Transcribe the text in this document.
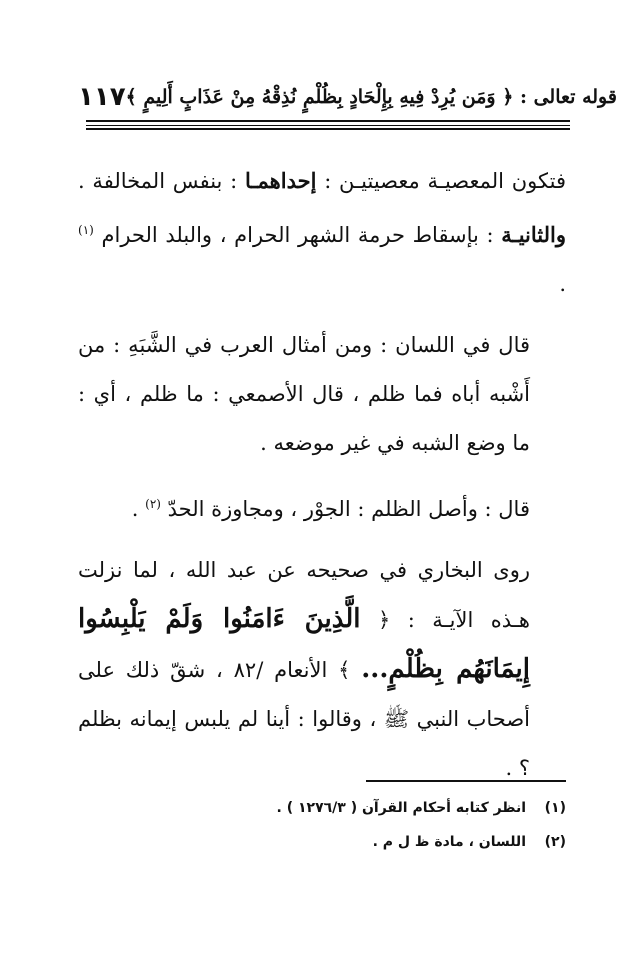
١١٧ قوله تعالى : ﴿ وَمَن يُرِدْ فِيهِ بِإِلْحَادٍ بِظُلْمٍ نُذِقْهُ مِنْ عَذَابٍ أَلِيمٍ ﴾

فتكون المعصيـة معصيتيـن : إحداهمـا : بنفس المخالفة . والثانيـة : بإسقاط حرمة الشهر الحرام ، والبلد الحرام $^{(١)}$ .

قال في اللسان : ومن أمثال العرب في الشَّبَهِ : من أَشْبه أباه فما ظلم ، قال الأصمعي : ما ظلم ، أي : ما وضع الشبه في غير موضعه .

قال : وأصل الظلم : الجوْر ، ومجاوزة الحدّ $^{(٢)}$ .

روى البخاري في صحيحه عن عبد الله ، لما نزلت هـذه الآيـة : ﴿ الَّذِينَ ءَامَنُوا وَلَمْ يَلْبِسُوا إِيمَانَهُم بِظُلْمٍ... ﴾ الأنعام /٨٢ ، شقّ ذلك على أصحاب النبي ﷺ ، وقالوا : أينا لم يلبس إيمانه بظلم ؟ .

(١)انظر كتابه أحكام القرآن ( ١٢٧٦/٣ ) .

(٢)اللسان ، مادة ظ ل م .
